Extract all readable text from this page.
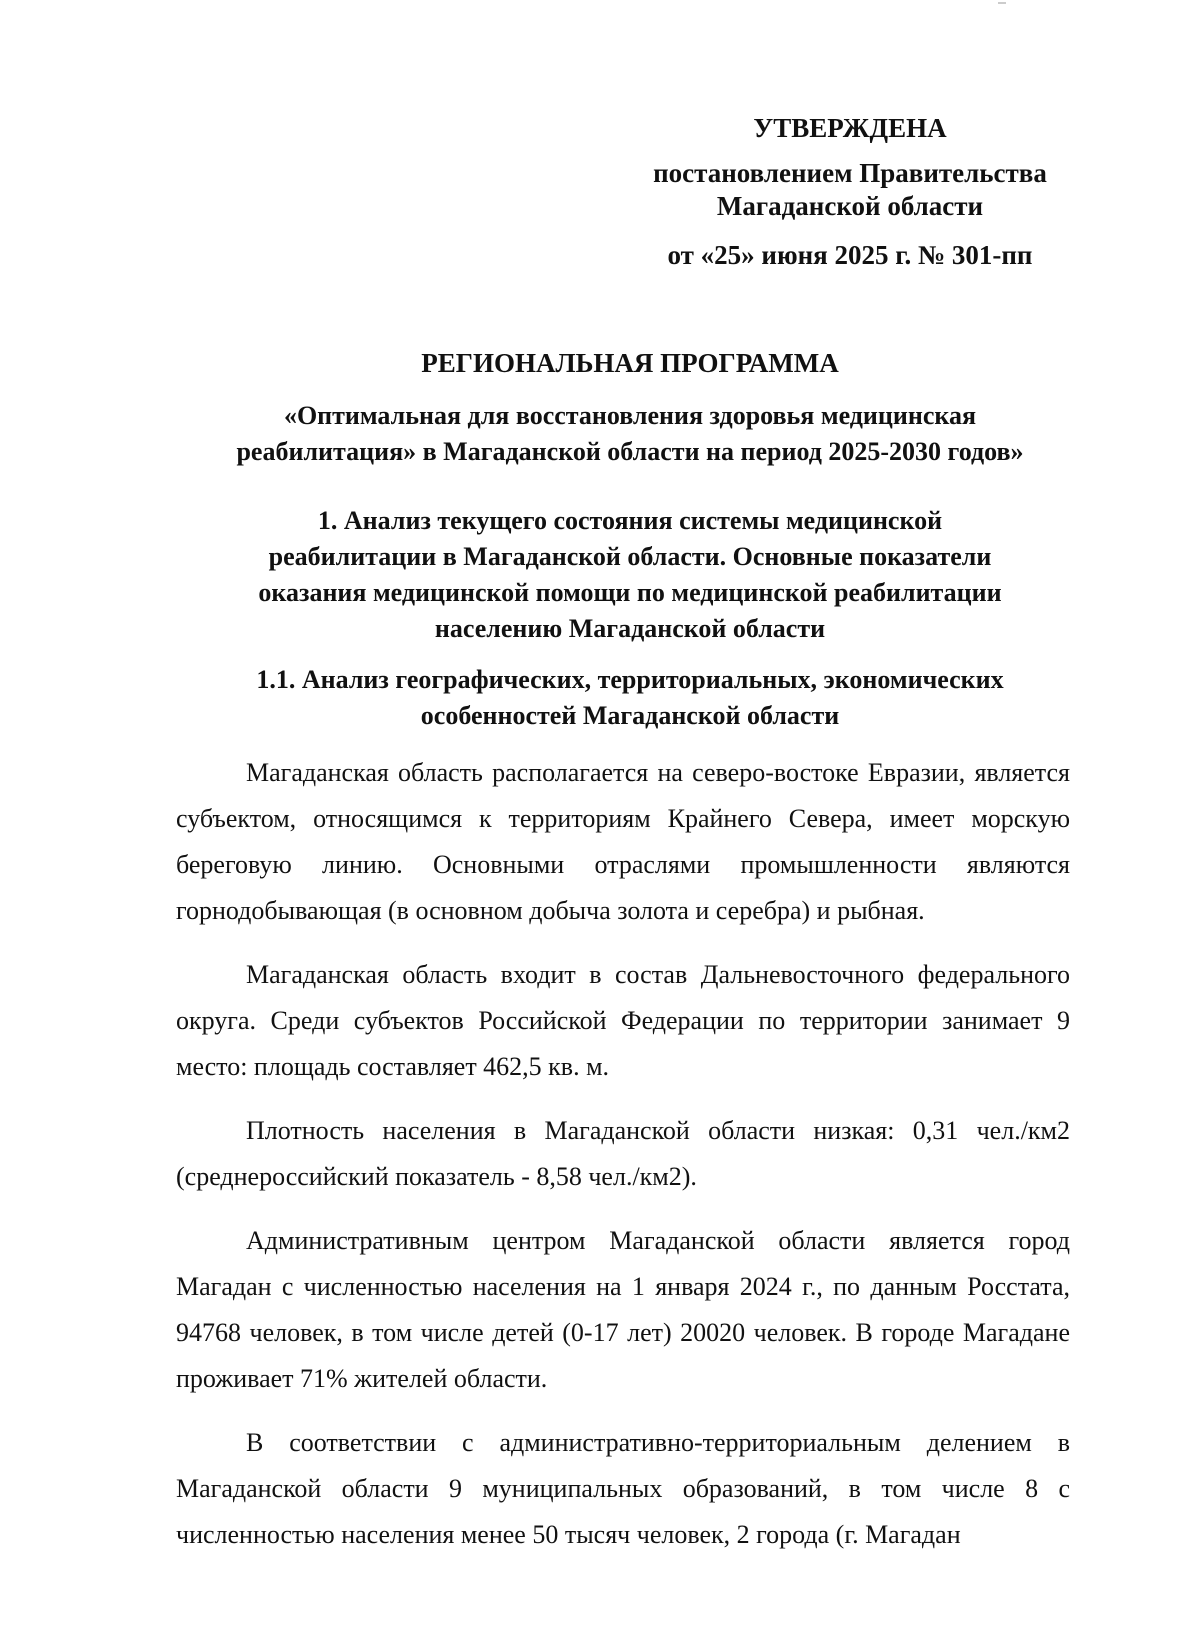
УТВЕРЖДЕНА
постановлением Правительства
Магаданской области
от «25» июня 2025 г. № 301-пп
РЕГИОНАЛЬНАЯ ПРОГРАММА
«Оптимальная для восстановления здоровья медицинская
реабилитация» в Магаданской области на период 2025-2030 годов»
1. Анализ текущего состояния системы медицинской
реабилитации в Магаданской области. Основные показатели
оказания медицинской помощи по медицинской реабилитации
населению Магаданской области
1.1. Анализ географических, территориальных, экономических
особенностей Магаданской области

Магаданская область располагается на северо-востоке Евразии, является субъектом, относящимся к территориям Крайнего Севера, имеет морскую береговую линию. Основными отраслями промышленности являются горнодобывающая (в основном добыча золота и серебра) и рыбная.

Магаданская область входит в состав Дальневосточного федерального округа. Среди субъектов Российской Федерации по территории занимает 9 место: площадь составляет 462,5 кв. м.

Плотность населения в Магаданской области низкая: 0,31 чел./км2 (среднероссийский показатель - 8,58 чел./км2).

Административным центром Магаданской области является город Магадан с численностью населения на 1 января 2024 г., по данным Росстата, 94768 человек, в том числе детей (0-17 лет) 20020 человек. В городе Магадане проживает 71% жителей области.

В соответствии с административно-территориальным делением в Магаданской области 9 муниципальных образований, в том числе 8 с численностью населения менее 50 тысяч человек, 2 города (г. Магадан
